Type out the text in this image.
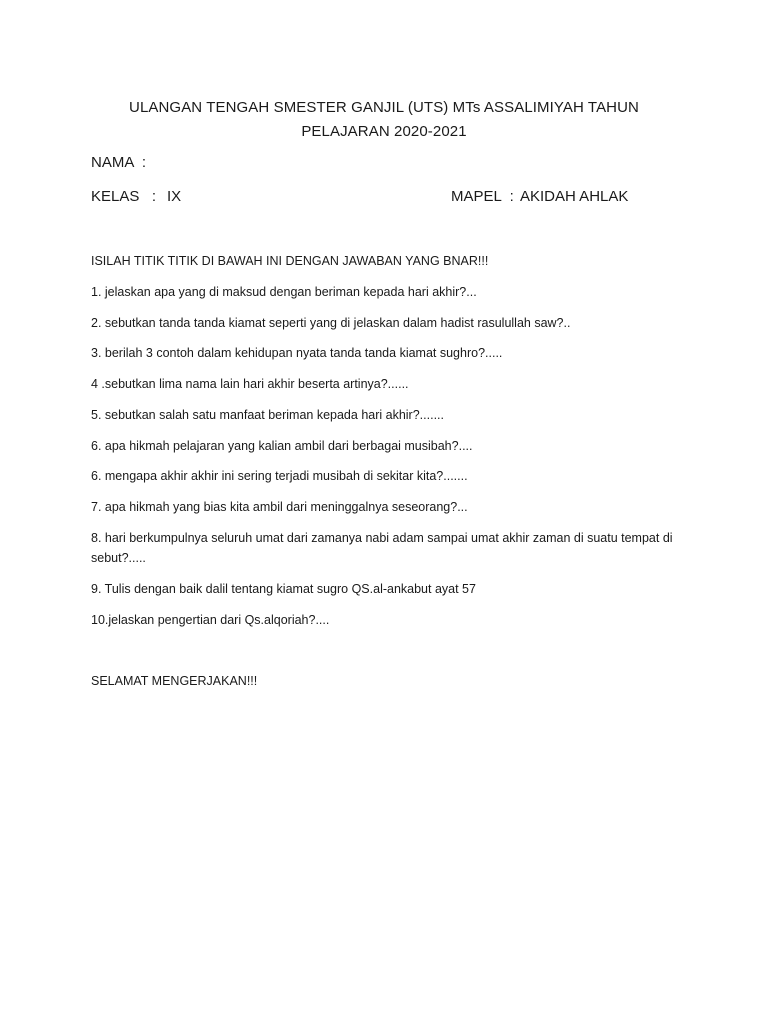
ULANGAN TENGAH SMESTER GANJIL (UTS) MTs ASSALIMIYAH TAHUN
PELAJARAN 2020-2021
NAMA  :
KELAS   : IX	MAPEL  : AKIDAH AHLAK
ISILAH TITIK TITIK DI BAWAH INI DENGAN JAWABAN YANG BNAR!!!
1. jelaskan apa yang di maksud dengan beriman kepada hari akhir?...
2. sebutkan tanda tanda kiamat seperti yang di jelaskan dalam hadist rasulullah saw?..
3. berilah 3 contoh dalam kehidupan nyata tanda tanda kiamat sughro?.....
4 .sebutkan lima nama lain hari akhir beserta artinya?......
5. sebutkan salah satu manfaat beriman kepada hari akhir?.......
6. apa hikmah pelajaran yang kalian ambil dari berbagai musibah?....
6. mengapa akhir akhir ini sering terjadi musibah di sekitar kita?.......
7. apa hikmah yang bias kita ambil dari meninggalnya seseorang?...
8. hari berkumpulnya seluruh umat dari zamanya nabi adam sampai umat akhir zaman di suatu tempat di sebut?.....
9. Tulis dengan baik dalil tentang kiamat sugro QS.al-ankabut ayat 57
10.jelaskan pengertian dari Qs.alqoriah?....
SELAMAT MENGERJAKAN!!!
